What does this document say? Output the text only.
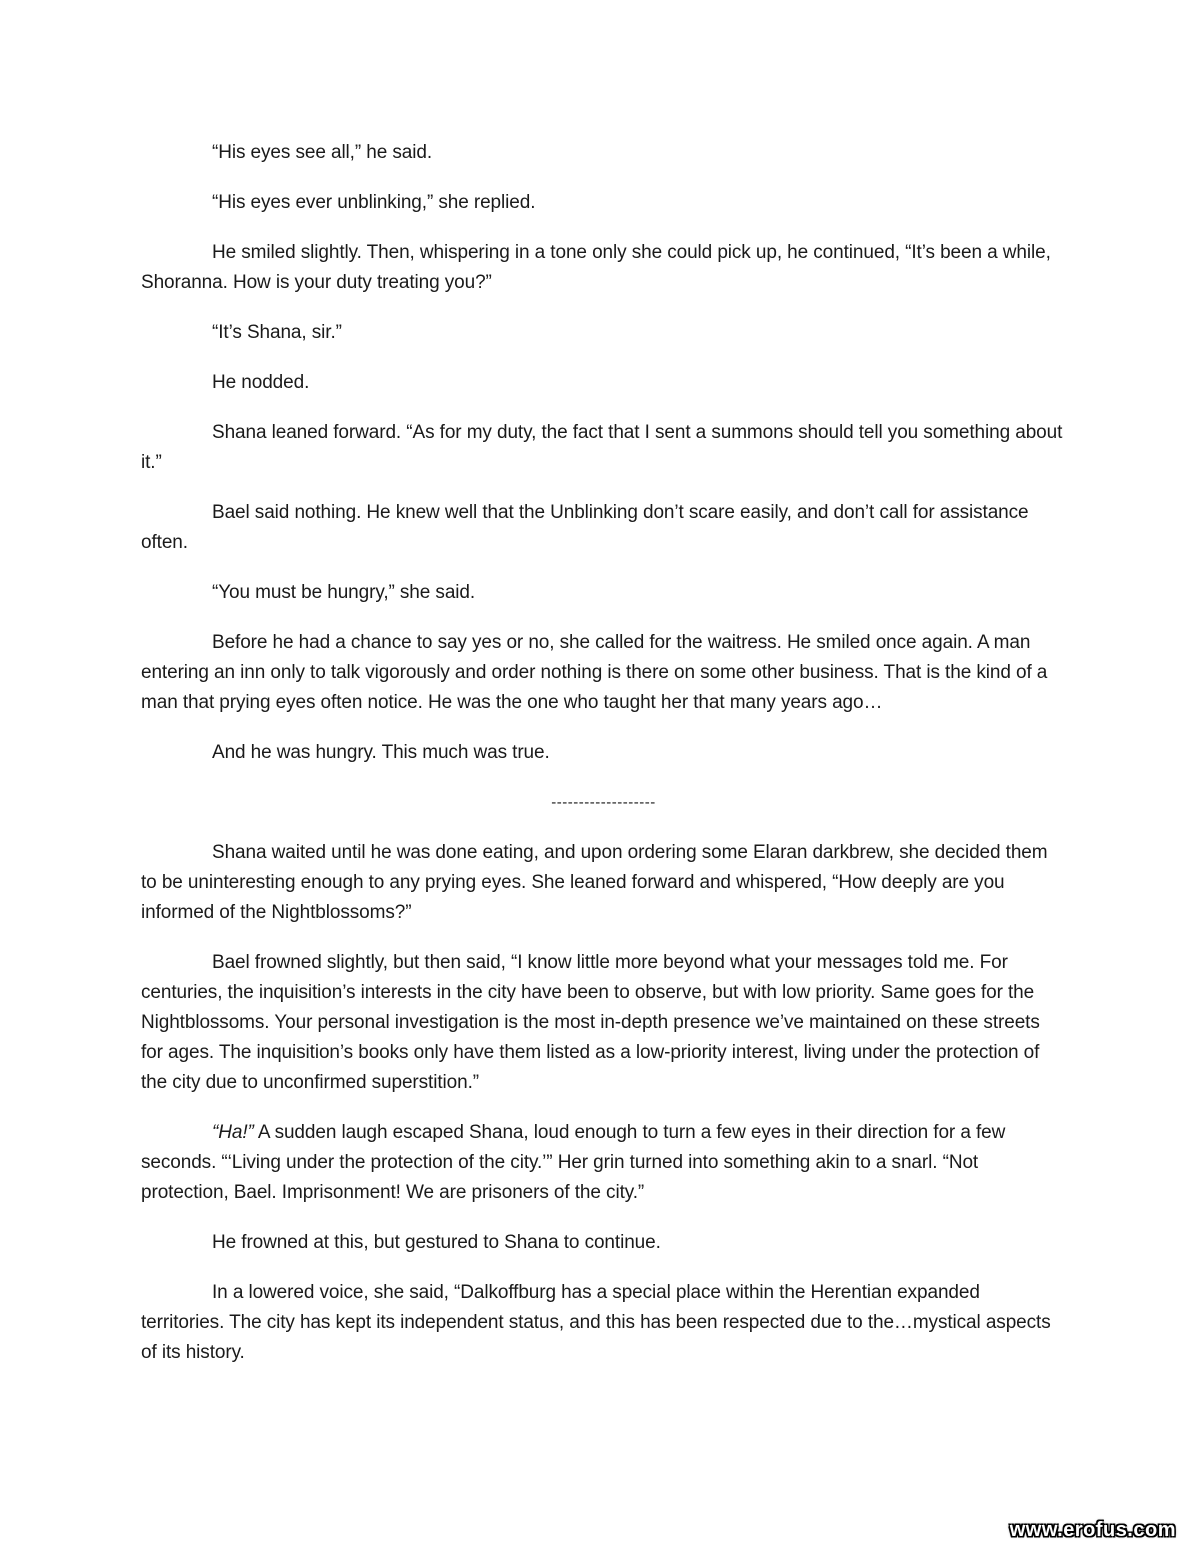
“His eyes see all,” he said.

“His eyes ever unblinking,” she replied.

He smiled slightly. Then, whispering in a tone only she could pick up, he continued, “It’s been a while, Shoranna. How is your duty treating you?”

“It’s Shana, sir.”

He nodded.

Shana leaned forward. “As for my duty, the fact that I sent a summons should tell you something about it.”

Bael said nothing. He knew well that the Unblinking don’t scare easily, and don’t call for assistance often.

“You must be hungry,” she said.

Before he had a chance to say yes or no, she called for the waitress. He smiled once again. A man entering an inn only to talk vigorously and order nothing is there on some other business. That is the kind of a man that prying eyes often notice. He was the one who taught her that many years ago…

And he was hungry. This much was true.

-------------------

Shana waited until he was done eating, and upon ordering some Elaran darkbrew, she decided them to be uninteresting enough to any prying eyes. She leaned forward and whispered, “How deeply are you informed of the Nightblossoms?”

Bael frowned slightly, but then said, “I know little more beyond what your messages told me. For centuries, the inquisition’s interests in the city have been to observe, but with low priority. Same goes for the Nightblossoms. Your personal investigation is the most in-depth presence we’ve maintained on these streets for ages. The inquisition’s books only have them listed as a low-priority interest, living under the protection of the city due to unconfirmed superstition.”

“Ha!” A sudden laugh escaped Shana, loud enough to turn a few eyes in their direction for a few seconds. “‘Living under the protection of the city.’” Her grin turned into something akin to a snarl. “Not protection, Bael. Imprisonment! We are prisoners of the city.”

He frowned at this, but gestured to Shana to continue.

In a lowered voice, she said, “Dalkoffburg has a special place within the Herentian expanded territories. The city has kept its independent status, and this has been respected due to the…mystical aspects of its history.

www.erofus.com
